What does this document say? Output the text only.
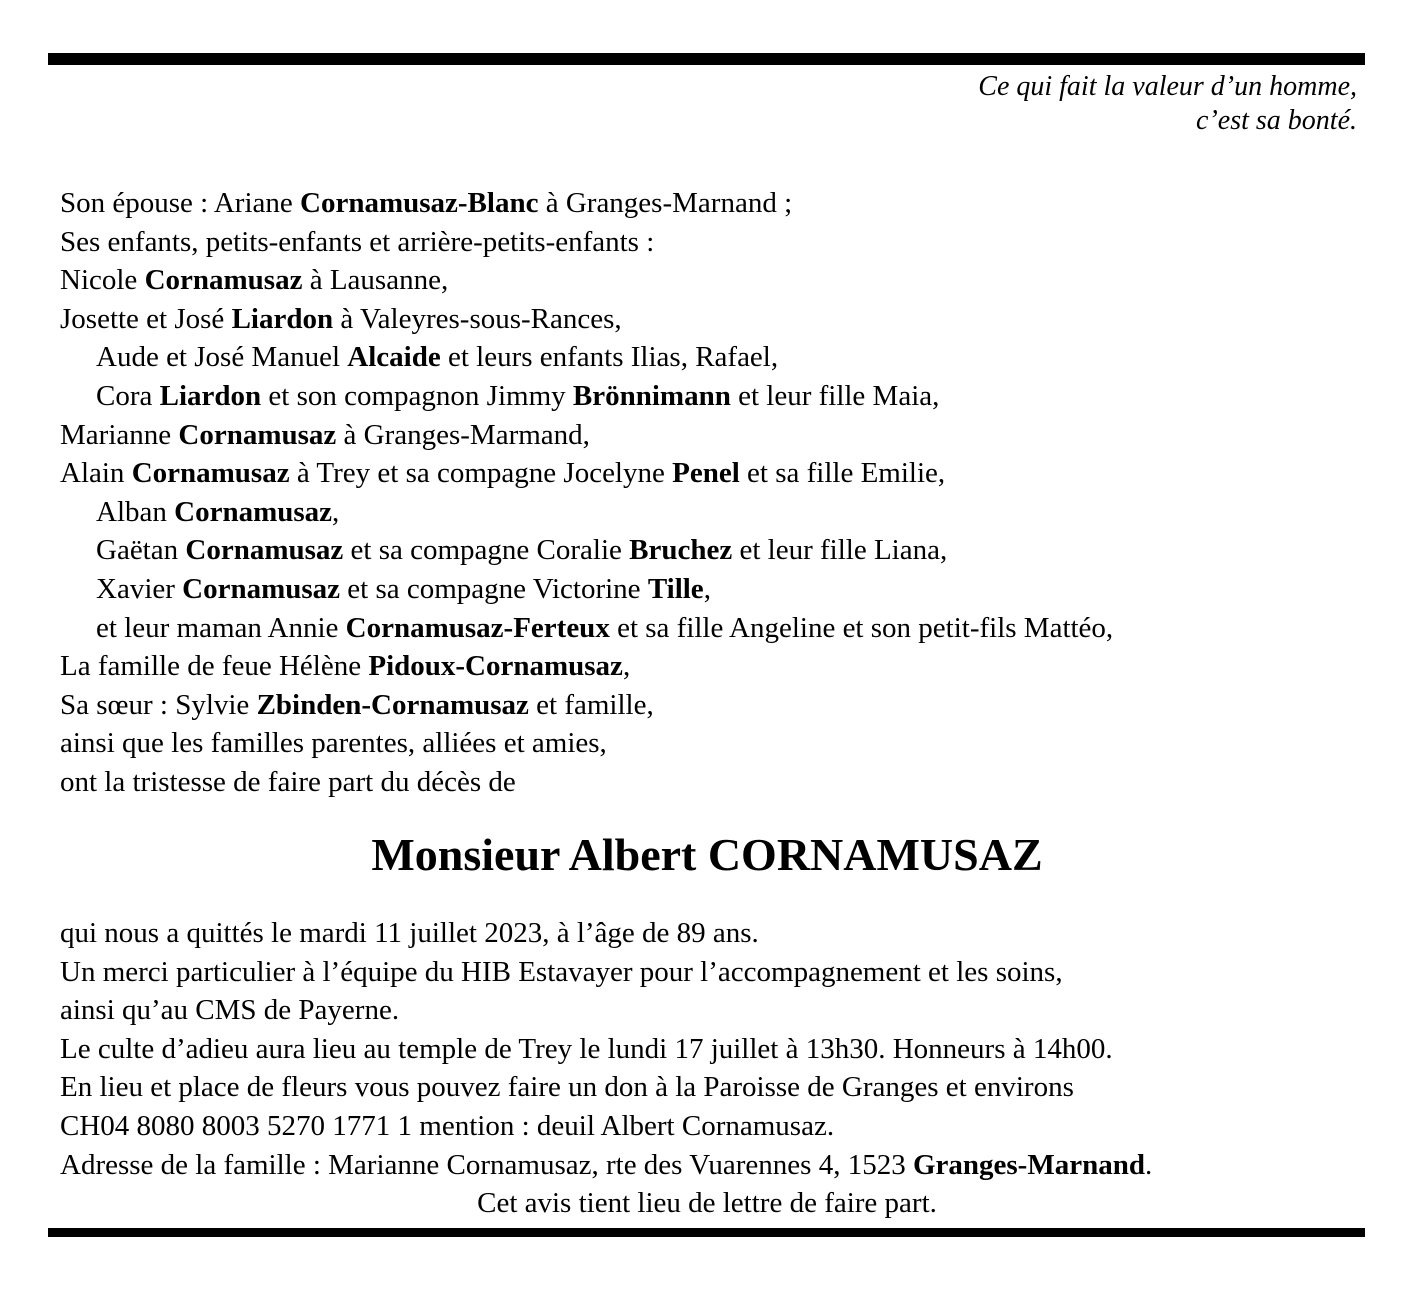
Ce qui fait la valeur d’un homme,
c’est sa bonté.
Son épouse : Ariane Cornamusaz-Blanc à Granges-Marnand ;
Ses enfants, petits-enfants et arrière-petits-enfants :
Nicole Cornamusaz à Lausanne,
Josette et José Liardon à Valeyres-sous-Rances,
Aude et José Manuel Alcaide et leurs enfants Ilias, Rafael,
Cora Liardon et son compagnon Jimmy Brönnimann et leur fille Maia,
Marianne Cornamusaz à Granges-Marmand,
Alain Cornamusaz à Trey et sa compagne Jocelyne Penel et sa fille Emilie,
Alban Cornamusaz,
Gaëtan Cornamusaz et sa compagne Coralie Bruchez et leur fille Liana,
Xavier Cornamusaz et sa compagne Victorine Tille,
et leur maman Annie Cornamusaz-Ferteux et sa fille Angeline et son petit-fils Mattéo,
La famille de feue Hélène Pidoux-Cornamusaz,
Sa sœur : Sylvie Zbinden-Cornamusaz et famille,
ainsi que les familles parentes, alliées et amies,
ont la tristesse de faire part du décès de
Monsieur Albert CORNAMUSAZ
qui nous a quittés le mardi 11 juillet 2023, à l’âge de 89 ans.
Un merci particulier à l’équipe du HIB Estavayer pour l’accompagnement et les soins,
ainsi qu’au CMS de Payerne.
Le culte d’adieu aura lieu au temple de Trey le lundi 17 juillet à 13h30. Honneurs à 14h00.
En lieu et place de fleurs vous pouvez faire un don à la Paroisse de Granges et environs
CH04 8080 8003 5270 1771 1 mention : deuil Albert Cornamusaz.
Adresse de la famille : Marianne Cornamusaz, rte des Vuarennes 4, 1523 Granges-Marnand.
Cet avis tient lieu de lettre de faire part.
